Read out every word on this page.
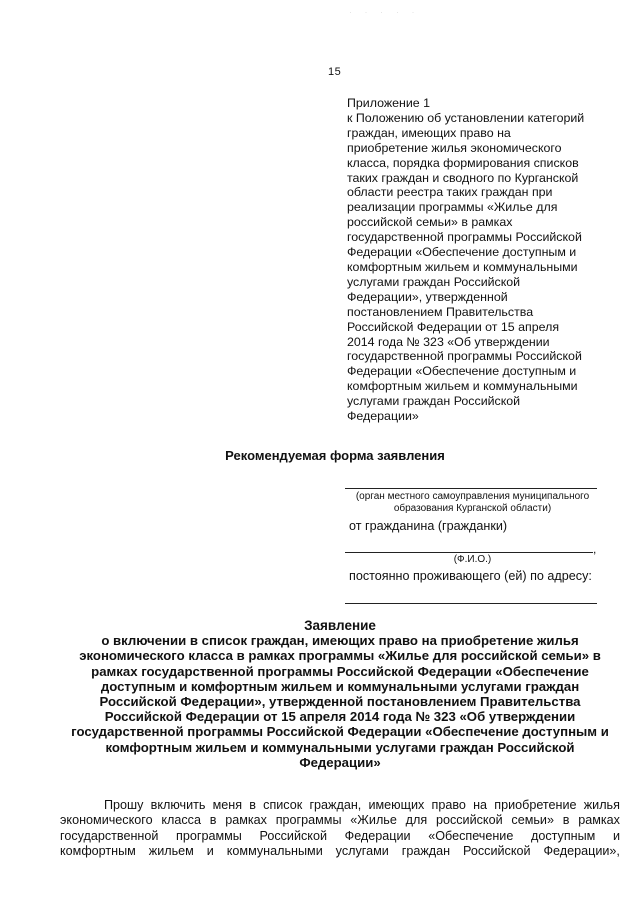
· · · · ·
15
Приложение 1
к Положению об установлении категорий
граждан, имеющих право на
приобретение жилья экономического
класса, порядка формирования списков
таких граждан и сводного по Курганской
области реестра таких граждан при
реализации программы «Жилье для
российской семьи» в рамках
государственной программы Российской
Федерации «Обеспечение доступным и
комфортным жильем и коммунальными
услугами граждан Российской
Федерации», утвержденной
постановлением Правительства
Российской Федерации от 15 апреля
2014 года № 323 «Об утверждении
государственной программы Российской
Федерации «Обеспечение доступным и
комфортным жильем и коммунальными
услугами граждан Российской
Федерации»
Рекомендуемая форма заявления
(орган местного самоуправления муниципального
образования Курганской области)
от гражданина (гражданки)
,
(Ф.И.О.)
постоянно проживающего (ей) по адресу:
Заявление
о включении в список граждан, имеющих право на приобретение жилья
экономического класса в рамках программы «Жилье для российской семьи» в
рамках государственной программы Российской Федерации «Обеспечение
доступным и комфортным жильем и коммунальными услугами граждан
Российской Федерации», утвержденной постановлением Правительства
Российской Федерации от 15 апреля 2014 года № 323 «Об утверждении
государственной программы Российской Федерации «Обеспечение доступным и
комфортным жильем и коммунальными услугами граждан Российской
Федерации»
Прошу включить меня в список граждан, имеющих право на приобретение жилья
экономического класса в рамках программы «Жилье для российской семьи» в рамках
государственной программы Российской Федерации «Обеспечение доступным и
комфортным жильем и коммунальными услугами граждан Российской Федерации»,
